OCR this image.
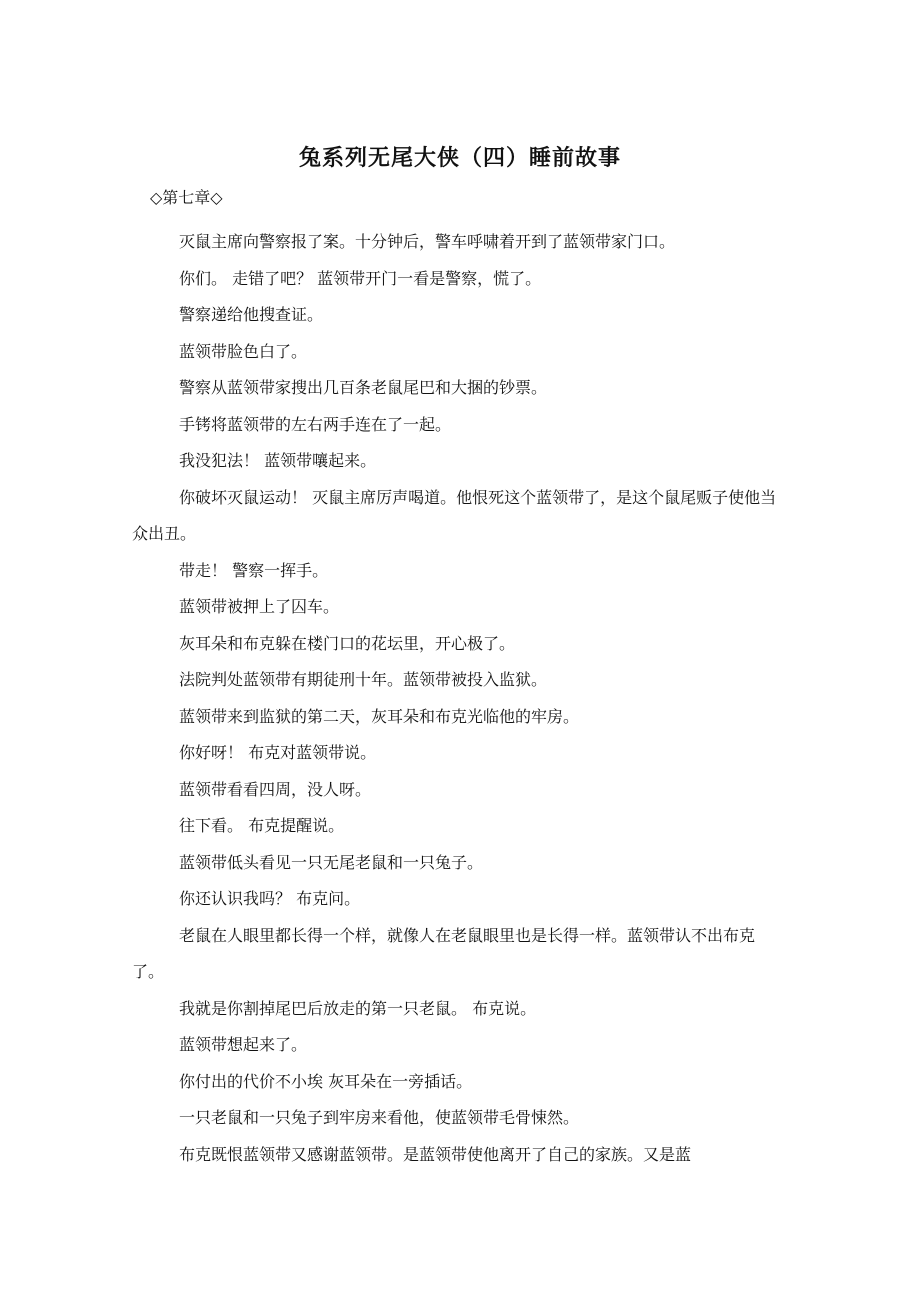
兔系列无尾大侠（四）睡前故事
◇第七章◇

灭鼠主席向警察报了案。十分钟后，警车呼啸着开到了蓝领带家门口。

你们。 走错了吧？ 蓝领带开门一看是警察，慌了。

警察递给他搜查证。

蓝领带脸色白了。

警察从蓝领带家搜出几百条老鼠尾巴和大捆的钞票。

手铐将蓝领带的左右两手连在了一起。

我没犯法！ 蓝领带嚷起来。

你破坏灭鼠运动！ 灭鼠主席厉声喝道。他恨死这个蓝领带了，是这个鼠尾贩子使他当众出丑。

带走！ 警察一挥手。

蓝领带被押上了囚车。

灰耳朵和布克躲在楼门口的花坛里，开心极了。

法院判处蓝领带有期徒刑十年。蓝领带被投入监狱。

蓝领带来到监狱的第二天，灰耳朵和布克光临他的牢房。

你好呀！ 布克对蓝领带说。

蓝领带看看四周，没人呀。

往下看。 布克提醒说。

蓝领带低头看见一只无尾老鼠和一只兔子。

你还认识我吗？ 布克问。

老鼠在人眼里都长得一个样，就像人在老鼠眼里也是长得一样。蓝领带认不出布克了。

我就是你割掉尾巴后放走的第一只老鼠。 布克说。

蓝领带想起来了。

你付出的代价不小埃 灰耳朵在一旁插话。

一只老鼠和一只兔子到牢房来看他，使蓝领带毛骨悚然。

布克既恨蓝领带又感谢蓝领带。是蓝领带使他离开了自己的家族。又是蓝
